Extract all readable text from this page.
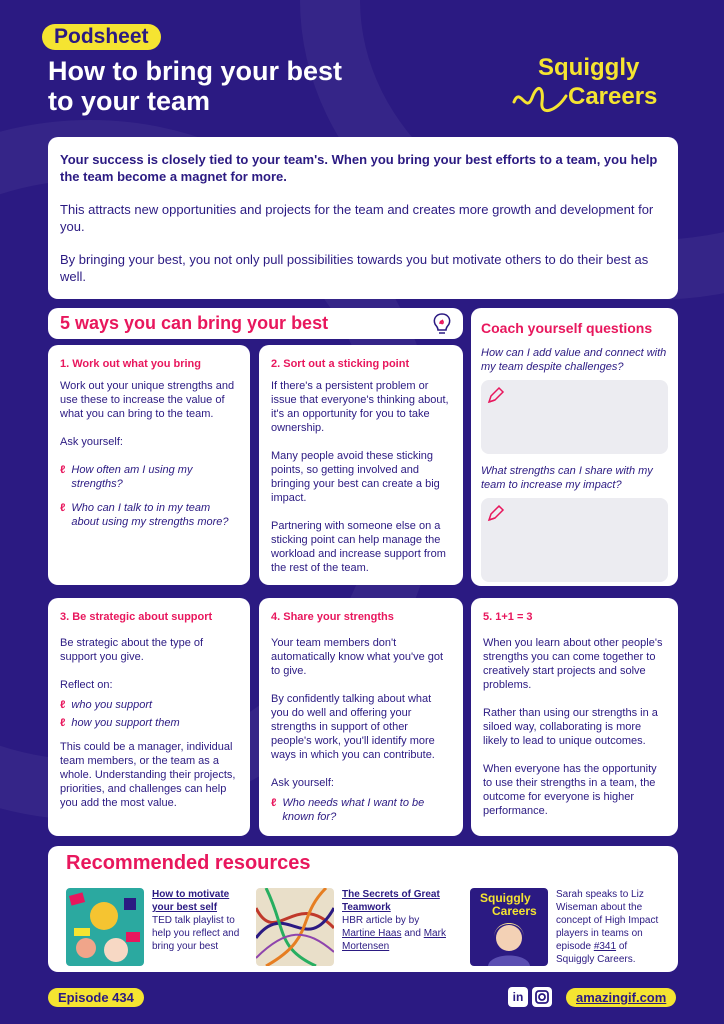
Podsheet
How to bring your best
to your team
Squiggly
Careers

Your success is closely tied to your team's. When you bring your best efforts to a team, you help the team become a magnet for more.

This attracts new opportunities and projects for the team and creates more growth and development for you.

By bringing your best, you not only pull possibilities towards you but motivate others to do their best as well.

5 ways you can bring your best
1. Work out what you bring

Work out your unique strengths and use these to increase the value of what you can bring to the team.

Ask yourself:

ℓ How often am I using my strengths?
ℓ Who can I talk to in my team about using my strengths more?
2. Sort out a sticking point

If there's a persistent problem or issue that everyone's thinking about, it's an opportunity for you to take ownership.

Many people avoid these sticking points, so getting involved and bringing your best can create a big impact.

Partnering with someone else on a sticking point can help manage the workload and increase support from the rest of the team.

Coach yourself questions
How can I add value and connect with my team despite challenges?
What strengths can I share with my team to increase my impact?
3. Be strategic about support

Be strategic about the type of support you give.

Reflect on:

ℓ who you support
ℓ how you support them

This could be a manager, individual team members, or the team as a whole. Understanding their projects, priorities, and challenges can help you add the most value.

4. Share your strengths

Your team members don't automatically know what you've got to give.

By confidently talking about what you do well and offering your strengths in support of other people's work, you'll identify more ways in which you can contribute.

Ask yourself:

ℓ Who needs what I want to be known for?
5. 1+1 = 3

When you learn about other people's strengths you can come together to creatively start projects and solve problems.

Rather than using our strengths in a siloed way, collaborating is more likely to lead to unique outcomes.

When everyone has the opportunity to use their strengths in a team, the outcome for everyone is higher performance.

Recommended resources
How to motivate your best self
TED talk playlist to help you reflect and bring your best
The Secrets of Great Teamwork
HBR article by by Martine Haas and Mark Mortensen
Squiggly
Careers
Sarah speaks to Liz Wiseman about the concept of High Impact players in teams on episode #341 of Squiggly Careers.
Episode 434	in	amazingif.com
